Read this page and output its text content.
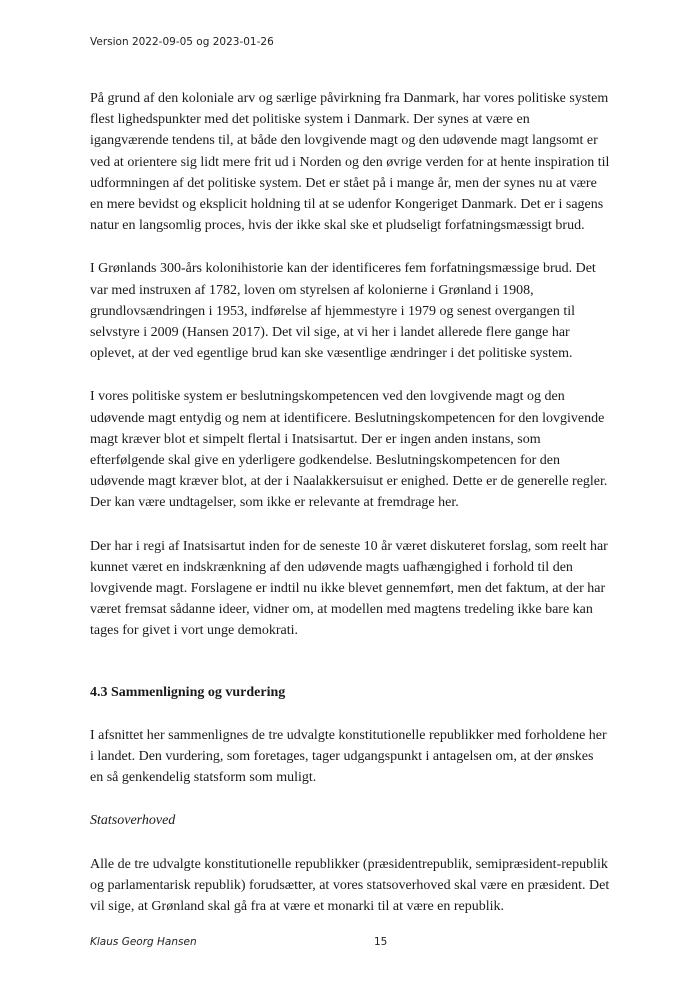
Version 2022-09-05 og 2023-01-26

På grund af den koloniale arv og særlige påvirkning fra Danmark, har vores politiske system flest lighedspunkter med det politiske system i Danmark. Der synes at være en igangværende tendens til, at både den lovgivende magt og den udøvende magt langsomt er ved at orientere sig lidt mere frit ud i Norden og den øvrige verden for at hente inspiration til udformningen af det politiske system. Det er stået på i mange år, men der synes nu at være en mere bevidst og eksplicit holdning til at se udenfor Kongeriget Danmark. Det er i sagens natur en langsomlig proces, hvis der ikke skal ske et pludseligt forfatningsmæssigt brud.

I Grønlands 300-års kolonihistorie kan der identificeres fem forfatningsmæssige brud. Det var med instruxen af 1782, loven om styrelsen af kolonierne i Grønland i 1908, grundlovsændringen i 1953, indførelse af hjemmestyre i 1979 og senest overgangen til selvstyre i 2009 (Hansen 2017). Det vil sige, at vi her i landet allerede flere gange har oplevet, at der ved egentlige brud kan ske væsentlige ændringer i det politiske system.

I vores politiske system er beslutningskompetencen ved den lovgivende magt og den udøvende magt entydig og nem at identificere. Beslutningskompetencen for den lovgivende magt kræver blot et simpelt flertal i Inatsisartut. Der er ingen anden instans, som efterfølgende skal give en yderligere godkendelse. Beslutningskompetencen for den udøvende magt kræver blot, at der i Naalakkersuisut er enighed. Dette er de generelle regler. Der kan være undtagelser, som ikke er relevante at fremdrage her.

Der har i regi af Inatsisartut inden for de seneste 10 år været diskuteret forslag, som reelt har kunnet været en indskrænkning af den udøvende magts uafhængighed i forhold til den lovgivende magt. Forslagene er indtil nu ikke blevet gennemført, men det faktum, at der har været fremsat sådanne ideer, vidner om, at modellen med magtens tredeling ikke bare kan tages for givet i vort unge demokrati.

4.3 Sammenligning og vurdering

I afsnittet her sammenlignes de tre udvalgte konstitutionelle republikker med forholdene her i landet. Den vurdering, som foretages, tager udgangspunkt i antagelsen om, at der ønskes en så genkendelig statsform som muligt.

Statsoverhoved

Alle de tre udvalgte konstitutionelle republikker (præsidentrepublik, semipræsident-republik og parlamentarisk republik) forudsætter, at vores statsoverhoved skal være en præsident. Det vil sige, at Grønland skal gå fra at være et monarki til at være en republik.

Klaus Georg Hansen	15
